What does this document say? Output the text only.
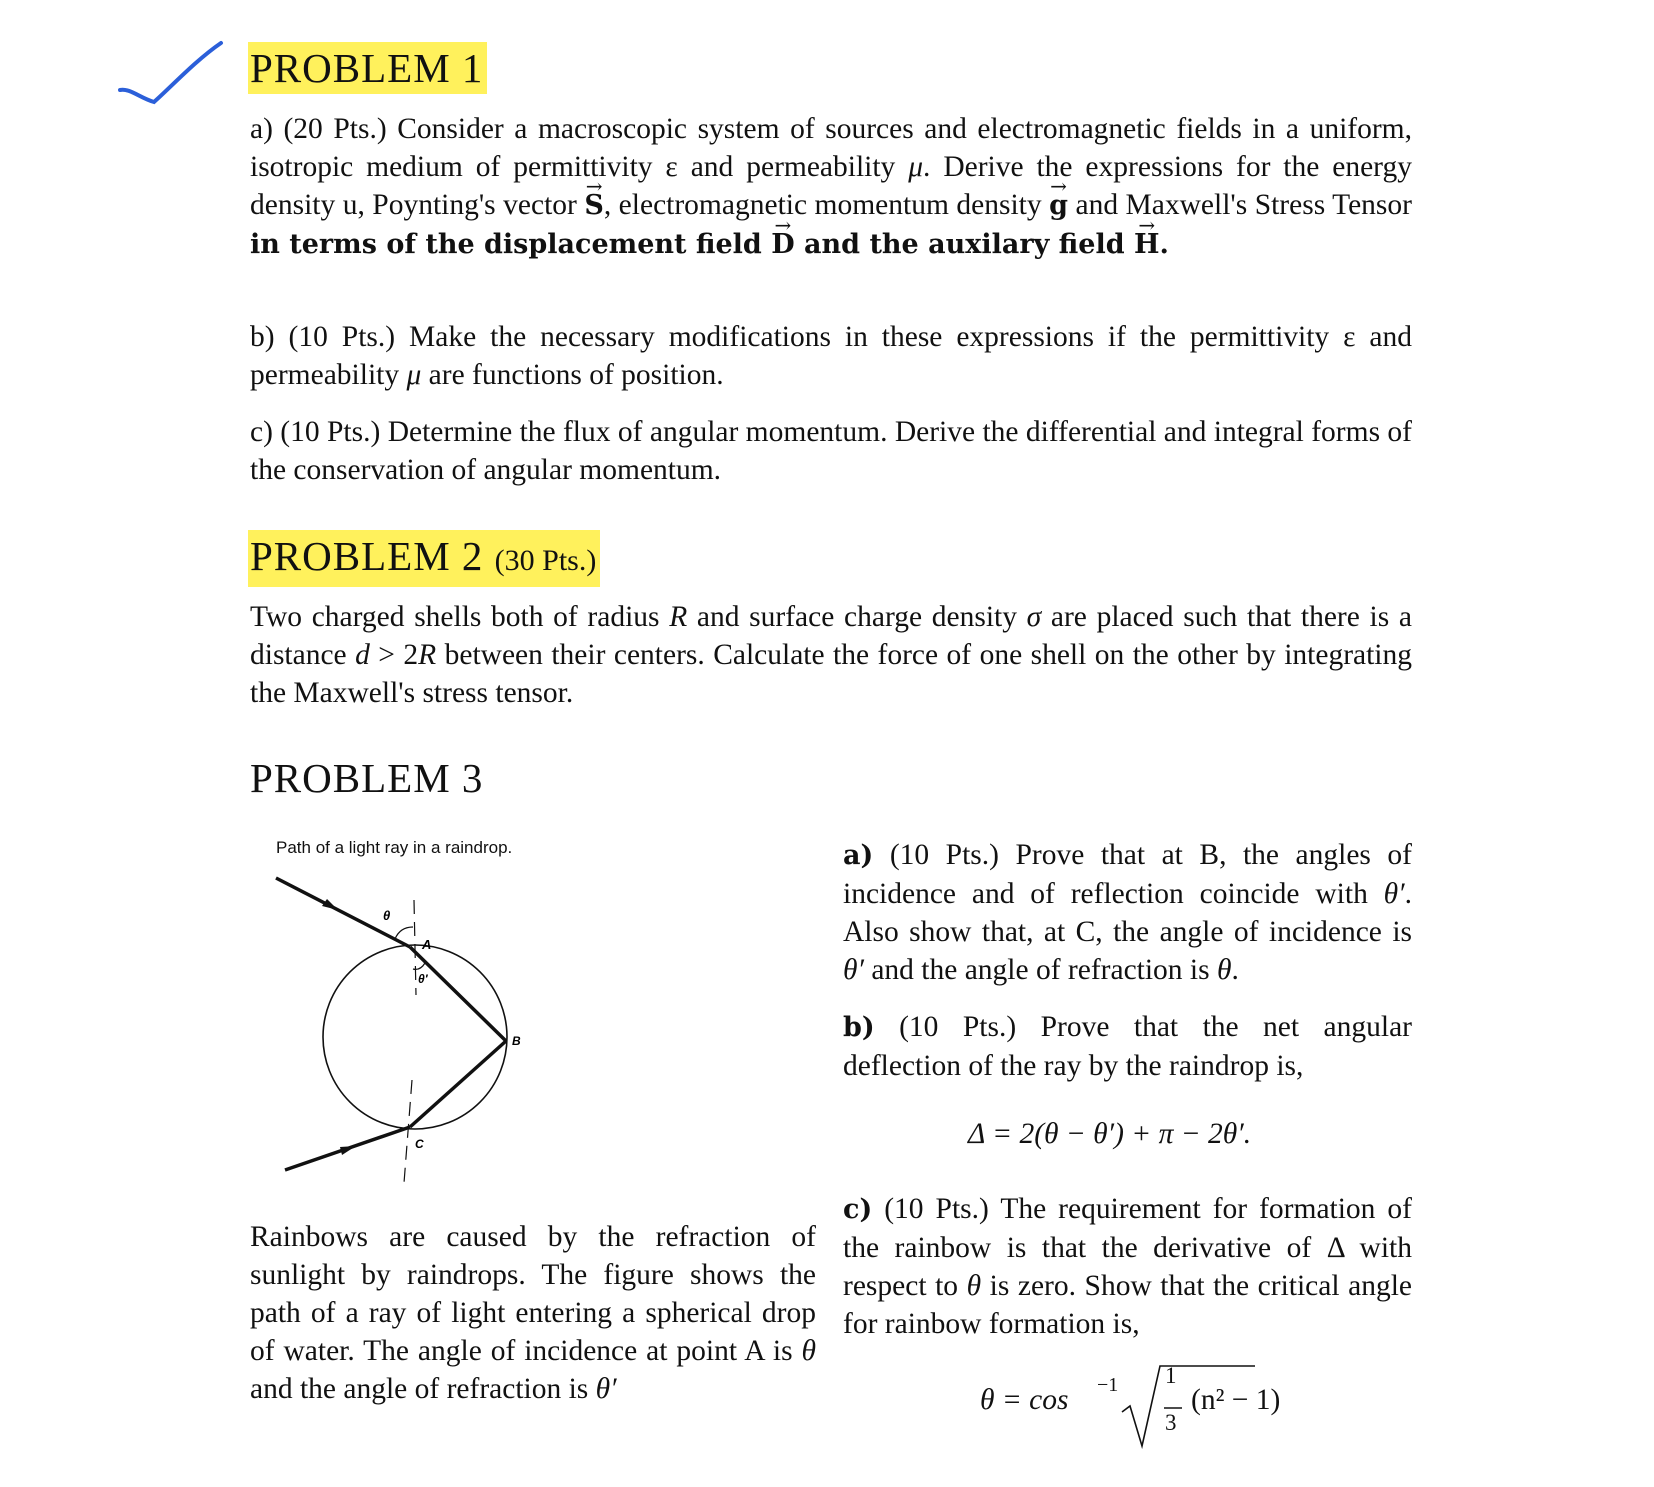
PROBLEM 1
a) (20 Pts.) Consider a macroscopic system of sources and electromagnetic fields in a uniform, isotropic medium of permittivity ε and permeability μ. Derive the expressions for the energy density u, Poynting's vector → S, electromagnetic momentum density → g and Maxwell's Stress Tensor in terms of the displacement field → D and the auxilary field → H.
b) (10 Pts.) Make the necessary modifications in these expressions if the permittivity ε and permeability μ are functions of position.
c) (10 Pts.) Determine the flux of angular momentum. Derive the differential and integral forms of the conservation of angular momentum.
PROBLEM 2 (30 Pts.)
Two charged shells both of radius R and surface charge density σ are placed such that there is a distance d > 2R between their centers. Calculate the force of one shell on the other by integrating the Maxwell's stress tensor.
PROBLEM 3
Path of a light ray in a raindrop.
θ
A
θ′
B
C
Rainbows are caused by the refraction of sunlight by raindrops. The figure shows the path of a ray of light entering a spherical drop of water. The angle of incidence at point A is θ and the angle of refraction is θ′
a) (10 Pts.) Prove that at B, the angles of incidence and of reflection coincide with θ′. Also show that, at C, the angle of incidence is θ′ and the angle of refraction is θ.
b) (10 Pts.) Prove that the net angular deflection of the ray by the raindrop is,
Δ = 2(θ − θ′) + π − 2θ′.
c) (10 Pts.) The requirement for formation of the rainbow is that the derivative of Δ with respect to θ is zero. Show that the critical angle for rainbow formation is,
θ = cos −1 1
3
(n² − 1)
